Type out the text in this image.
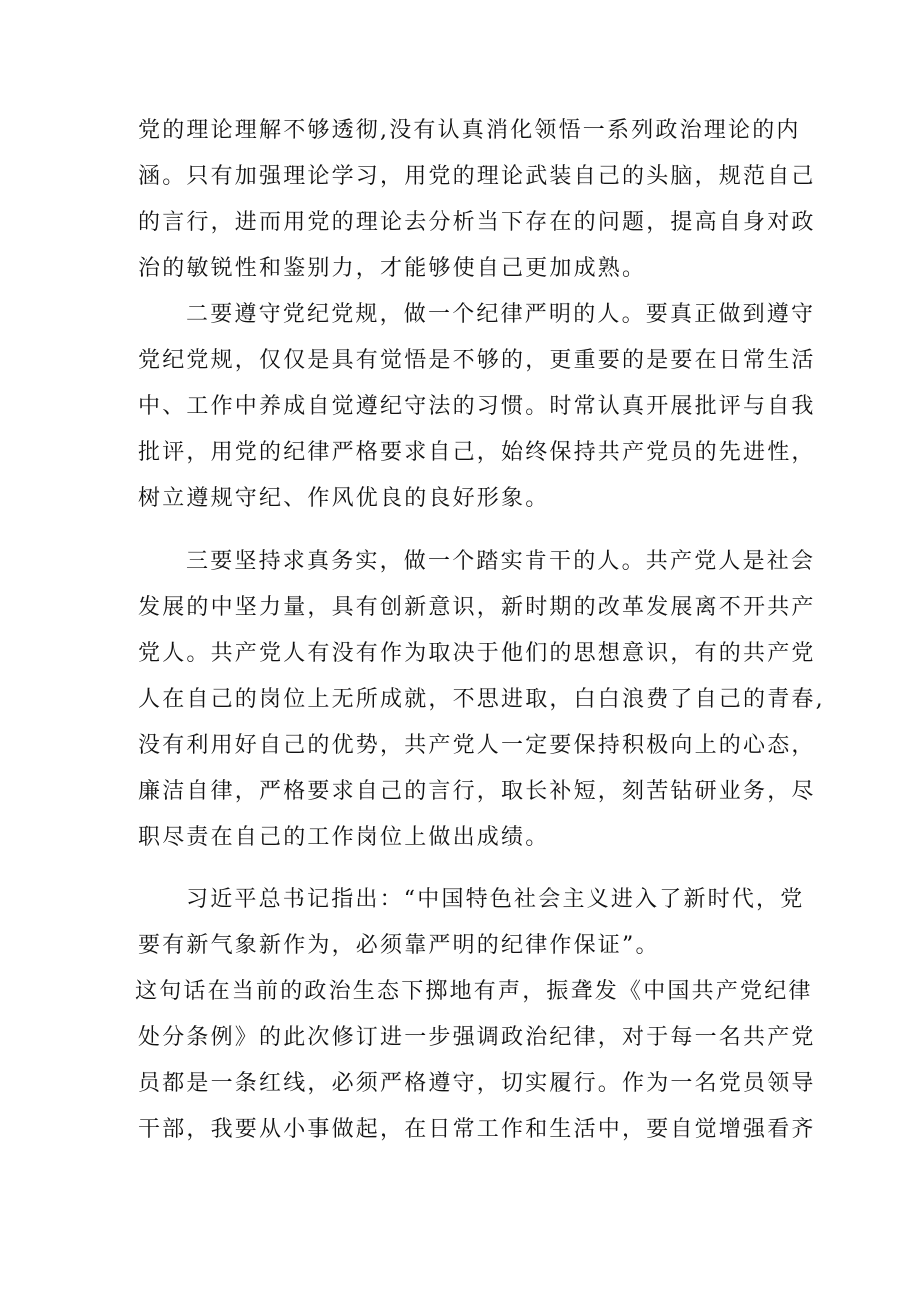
党的理论理解不够透彻,没有认真消化领悟一系列政治理论的内
涵。只有加强理论学习，用党的理论武装自己的头脑，规范自己
的言行，进而用党的理论去分析当下存在的问题，提高自身对政
治的敏锐性和鉴别力，才能够使自己更加成熟。
二要遵守党纪党规，做一个纪律严明的人。要真正做到遵守
党纪党规，仅仅是具有觉悟是不够的，更重要的是要在日常生活
中、工作中养成自觉遵纪守法的习惯。时常认真开展批评与自我
批评，用党的纪律严格要求自己，始终保持共产党员的先进性，
树立遵规守纪、作风优良的良好形象。
三要坚持求真务实，做一个踏实肯干的人。共产党人是社会
发展的中坚力量，具有创新意识，新时期的改革发展离不开共产
党人。共产党人有没有作为取决于他们的思想意识，有的共产党
人在自己的岗位上无所成就，不思进取，白白浪费了自己的青春,
没有利用好自己的优势，共产党人一定要保持积极向上的心态，
廉洁自律，严格要求自己的言行，取长补短，刻苦钻研业务，尽
职尽责在自己的工作岗位上做出成绩。
习近平总书记指出：“中国特色社会主义进入了新时代，党
要有新气象新作为，必须靠严明的纪律作保证”。
这句话在当前的政治生态下掷地有声，振聋发《中国共产党纪律
处分条例》的此次修订进一步强调政治纪律，对于每一名共产党
员都是一条红线，必须严格遵守，切实履行。作为一名党员领导
干部，我要从小事做起，在日常工作和生活中，要自觉增强看齐
